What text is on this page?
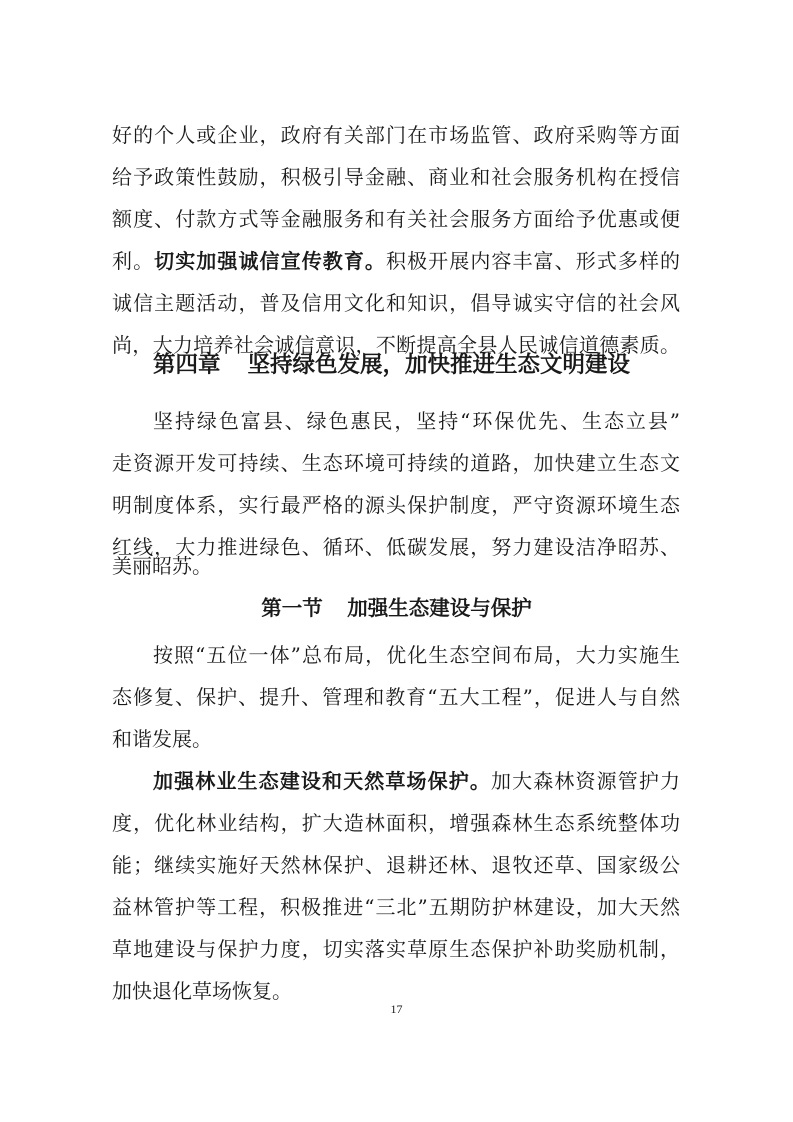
好的个人或企业，政府有关部门在市场监管、政府采购等方面
给予政策性鼓励，积极引导金融、商业和社会服务机构在授信
额度、付款方式等金融服务和有关社会服务方面给予优惠或便
利。切实加强诚信宣传教育。积极开展内容丰富、形式多样的
诚信主题活动，普及信用文化和知识，倡导诚实守信的社会风
尚，大力培养社会诚信意识，不断提高全县人民诚信道德素质。
第四章 坚持绿色发展，加快推进生态文明建设
坚持绿色富县、绿色惠民，坚持“环保优先、生态立县”
走资源开发可持续、生态环境可持续的道路，加快建立生态文
明制度体系，实行最严格的源头保护制度，严守资源环境生态
红线，大力推进绿色、循环、低碳发展，努力建设洁净昭苏、
美丽昭苏。
第一节 加强生态建设与保护
按照“五位一体”总布局，优化生态空间布局，大力实施生
态修复、保护、提升、管理和教育“五大工程”，促进人与自然
和谐发展。
加强林业生态建设和天然草场保护。加大森林资源管护力
度，优化林业结构，扩大造林面积，增强森林生态系统整体功
能；继续实施好天然林保护、退耕还林、退牧还草、国家级公
益林管护等工程，积极推进“三北”五期防护林建设，加大天然
草地建设与保护力度，切实落实草原生态保护补助奖励机制，
加快退化草场恢复。
17
